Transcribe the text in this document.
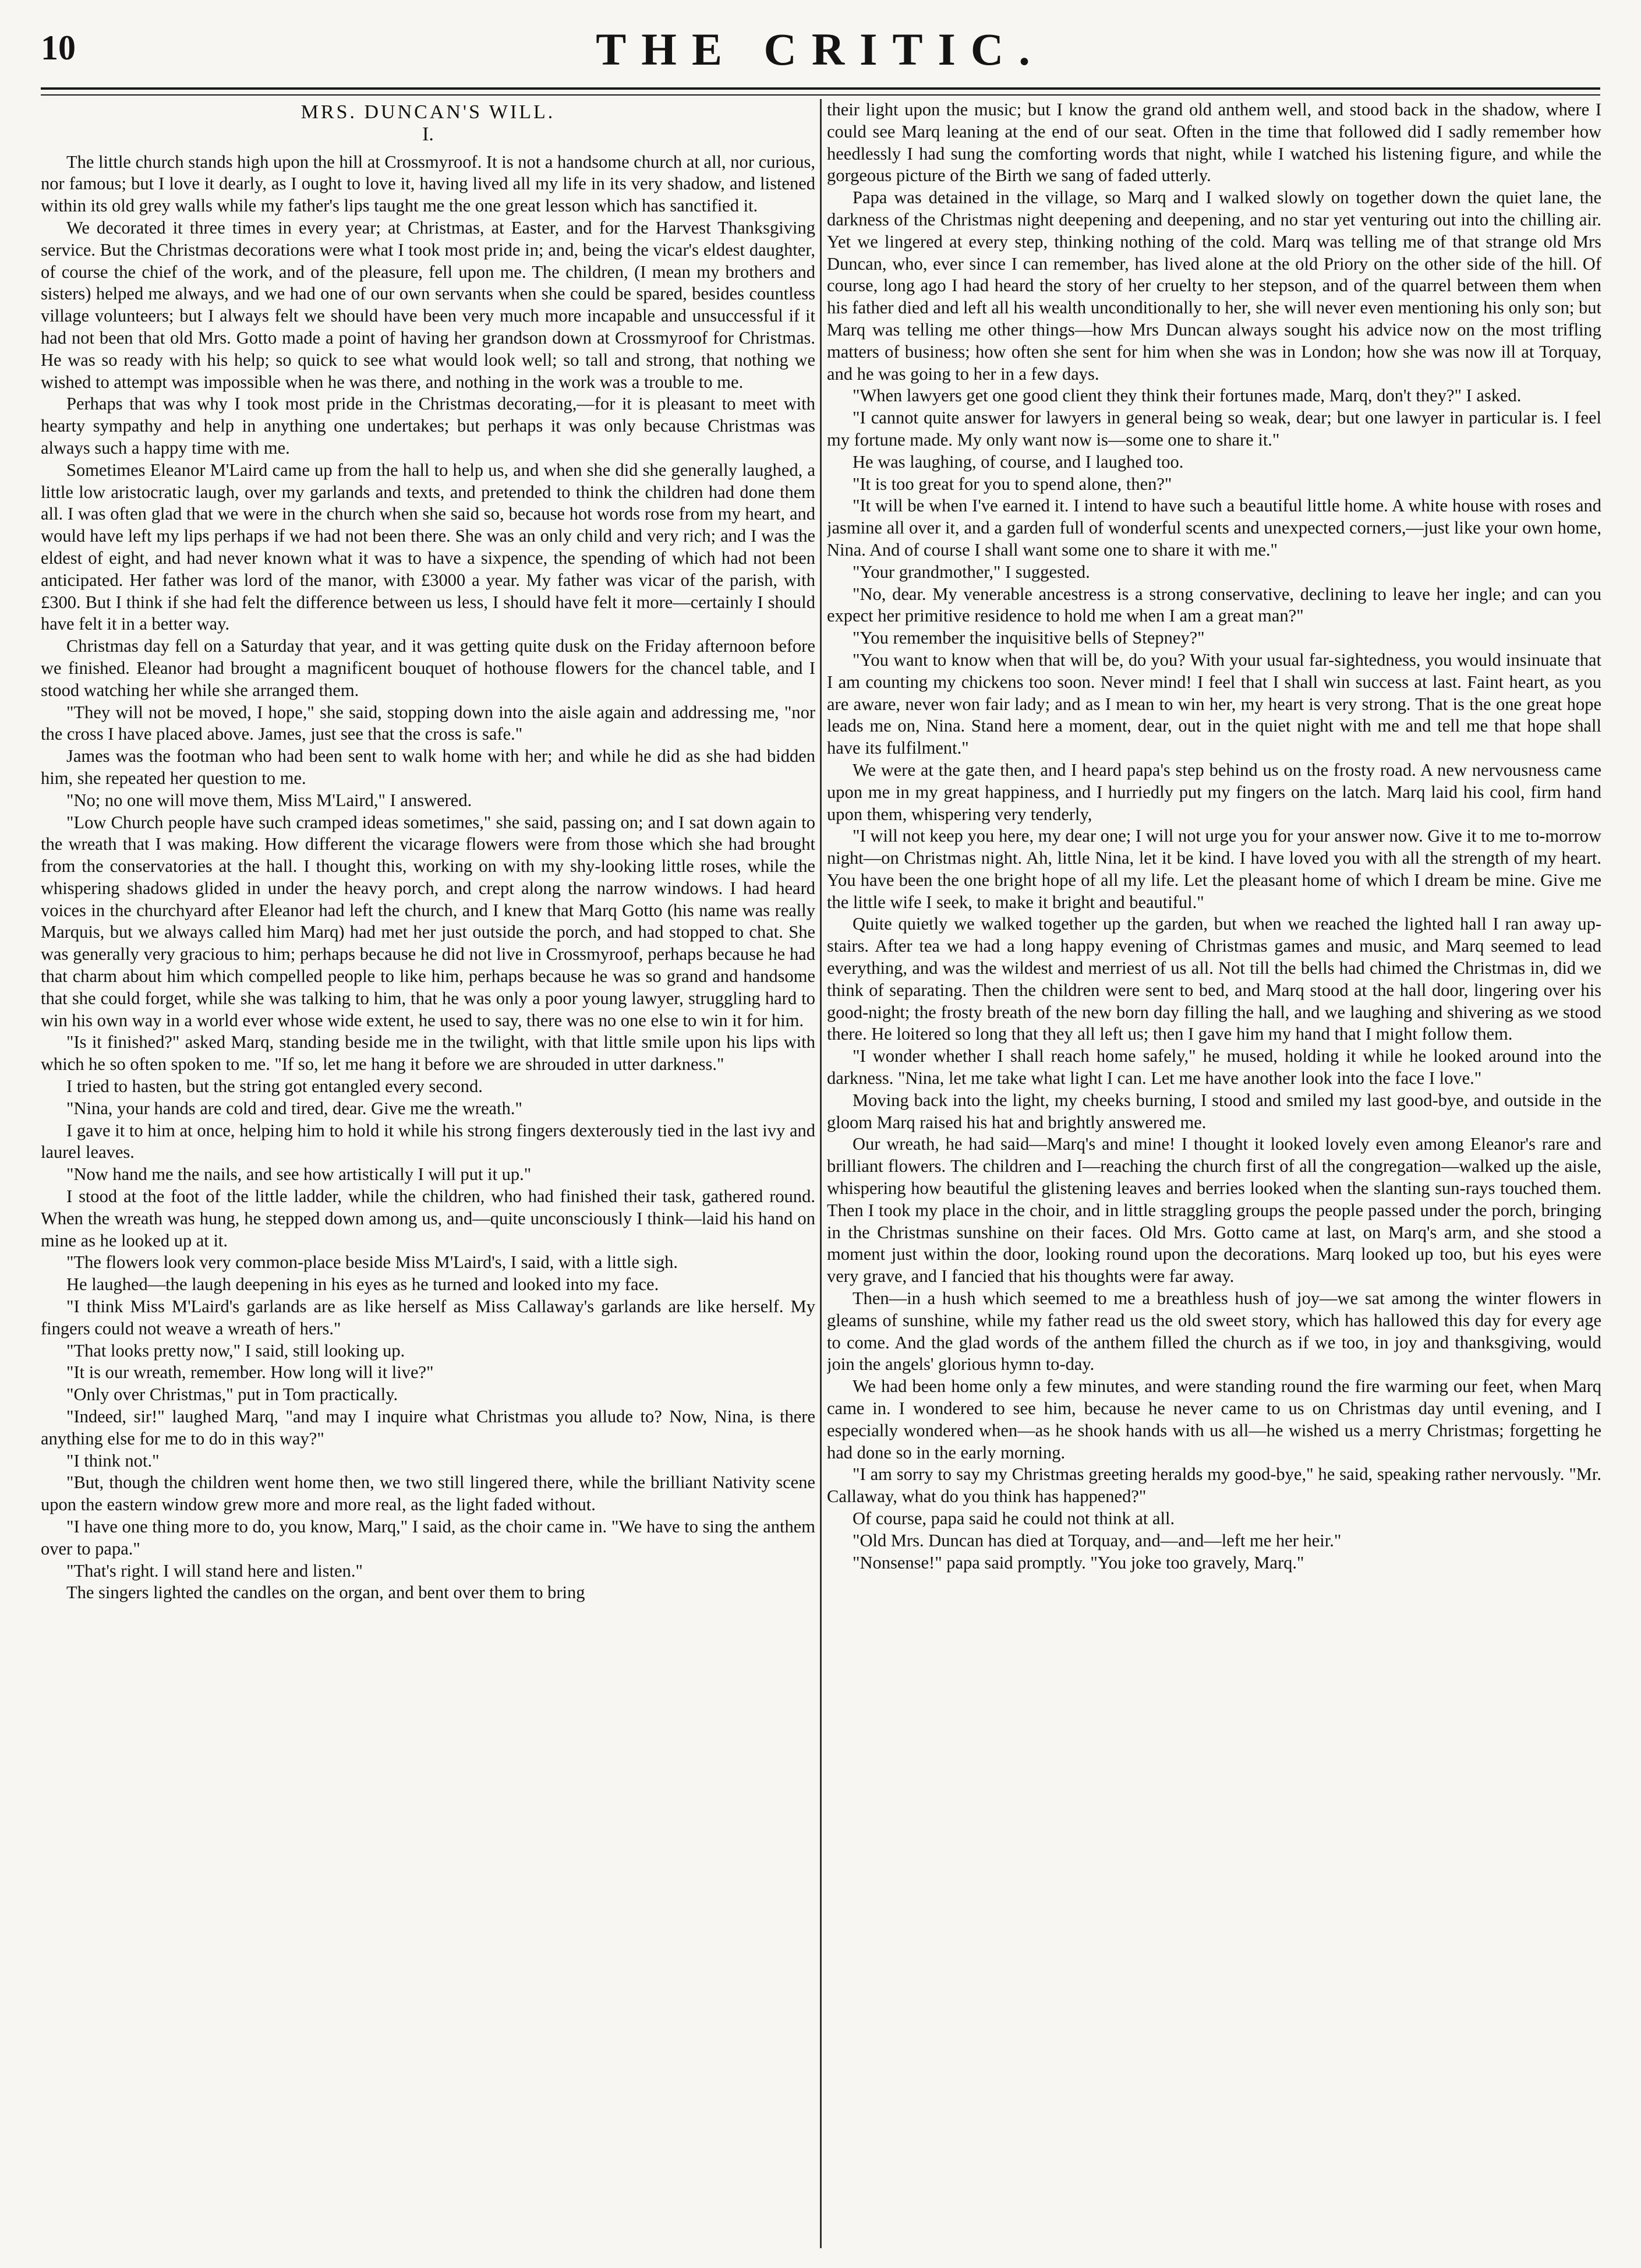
10	THE CRITIC.

MRS. DUNCAN'S WILL.

I.

The little church stands high upon the hill at Crossmyroof. It is not a handsome church at all, nor curious, nor famous; but I love it dearly, as I ought to love it, having lived all my life in its very shadow, and listened within its old grey walls while my father's lips taught me the one great lesson which has sanctified it.

We decorated it three times in every year; at Christmas, at Easter, and for the Harvest Thanksgiving service. But the Christmas decorations were what I took most pride in; and, being the vicar's eldest daughter, of course the chief of the work, and of the pleasure, fell upon me. The children, (I mean my brothers and sisters) helped me always, and we had one of our own servants when she could be spared, besides countless village volunteers; but I always felt we should have been very much more incapable and unsuccessful if it had not been that old Mrs. Gotto made a point of having her grandson down at Crossmyroof for Christmas. He was so ready with his help; so quick to see what would look well; so tall and strong, that nothing we wished to attempt was impossible when he was there, and nothing in the work was a trouble to me.

Perhaps that was why I took most pride in the Christmas decorating,—for it is pleasant to meet with hearty sympathy and help in anything one undertakes; but perhaps it was only because Christmas was always such a happy time with me.

Sometimes Eleanor M'Laird came up from the hall to help us, and when she did she generally laughed, a little low aristocratic laugh, over my garlands and texts, and pretended to think the children had done them all. I was often glad that we were in the church when she said so, because hot words rose from my heart, and would have left my lips perhaps if we had not been there. She was an only child and very rich; and I was the eldest of eight, and had never known what it was to have a sixpence, the spending of which had not been anticipated. Her father was lord of the manor, with £3000 a year. My father was vicar of the parish, with £300. But I think if she had felt the difference between us less, I should have felt it more—certainly I should have felt it in a better way.

Christmas day fell on a Saturday that year, and it was getting quite dusk on the Friday afternoon before we finished. Eleanor had brought a magnificent bouquet of hothouse flowers for the chancel table, and I stood watching her while she arranged them.

"They will not be moved, I hope," she said, stopping down into the aisle again and addressing me, "nor the cross I have placed above. James, just see that the cross is safe."

James was the footman who had been sent to walk home with her; and while he did as she had bidden him, she repeated her question to me.

"No; no one will move them, Miss M'Laird," I answered.

"Low Church people have such cramped ideas sometimes," she said, passing on; and I sat down again to the wreath that I was making. How different the vicarage flowers were from those which she had brought from the conservatories at the hall. I thought this, working on with my shy-looking little roses, while the whispering shadows glided in under the heavy porch, and crept along the narrow windows. I had heard voices in the churchyard after Eleanor had left the church, and I knew that Marq Gotto (his name was really Marquis, but we always called him Marq) had met her just outside the porch, and had stopped to chat. She was generally very gracious to him; perhaps because he did not live in Crossmyroof, perhaps because he had that charm about him which compelled people to like him, perhaps because he was so grand and handsome that she could forget, while she was talking to him, that he was only a poor young lawyer, struggling hard to win his own way in a world ever whose wide extent, he used to say, there was no one else to win it for him.

"Is it finished?" asked Marq, standing beside me in the twilight, with that little smile upon his lips with which he so often spoken to me. "If so, let me hang it before we are shrouded in utter darkness."

I tried to hasten, but the string got entangled every second.

"Nina, your hands are cold and tired, dear. Give me the wreath."

I gave it to him at once, helping him to hold it while his strong fingers dexterously tied in the last ivy and laurel leaves.

"Now hand me the nails, and see how artistically I will put it up."

I stood at the foot of the little ladder, while the children, who had finished their task, gathered round. When the wreath was hung, he stepped down among us, and—quite unconsciously I think—laid his hand on mine as he looked up at it.

"The flowers look very common-place beside Miss M'Laird's, I said, with a little sigh.

He laughed—the laugh deepening in his eyes as he turned and looked into my face.

"I think Miss M'Laird's garlands are as like herself as Miss Callaway's garlands are like herself. My fingers could not weave a wreath of hers."

"That looks pretty now," I said, still looking up.

"It is our wreath, remember. How long will it live?"

"Only over Christmas," put in Tom practically.

"Indeed, sir!" laughed Marq, "and may I inquire what Christmas you allude to? Now, Nina, is there anything else for me to do in this way?"

"I think not."

"But, though the children went home then, we two still lingered there, while the brilliant Nativity scene upon the eastern window grew more and more real, as the light faded without.

"I have one thing more to do, you know, Marq," I said, as the choir came in. "We have to sing the anthem over to papa."

"That's right. I will stand here and listen."

The singers lighted the candles on the organ, and bent over them to bring

their light upon the music; but I know the grand old anthem well, and stood back in the shadow, where I could see Marq leaning at the end of our seat. Often in the time that followed did I sadly remember how heedlessly I had sung the comforting words that night, while I watched his listening figure, and while the gorgeous picture of the Birth we sang of faded utterly.

Papa was detained in the village, so Marq and I walked slowly on together down the quiet lane, the darkness of the Christmas night deepening and deepening, and no star yet venturing out into the chilling air. Yet we lingered at every step, thinking nothing of the cold. Marq was telling me of that strange old Mrs Duncan, who, ever since I can remember, has lived alone at the old Priory on the other side of the hill. Of course, long ago I had heard the story of her cruelty to her stepson, and of the quarrel between them when his father died and left all his wealth unconditionally to her, she will never even mentioning his only son; but Marq was telling me other things—how Mrs Duncan always sought his advice now on the most trifling matters of business; how often she sent for him when she was in London; how she was now ill at Torquay, and he was going to her in a few days.

"When lawyers get one good client they think their fortunes made, Marq, don't they?" I asked.

"I cannot quite answer for lawyers in general being so weak, dear; but one lawyer in particular is. I feel my fortune made. My only want now is—some one to share it."

He was laughing, of course, and I laughed too.

"It is too great for you to spend alone, then?"

"It will be when I've earned it. I intend to have such a beautiful little home. A white house with roses and jasmine all over it, and a garden full of wonderful scents and unexpected corners,—just like your own home, Nina. And of course I shall want some one to share it with me."

"Your grandmother," I suggested.

"No, dear. My venerable ancestress is a strong conservative, declining to leave her ingle; and can you expect her primitive residence to hold me when I am a great man?"

"You remember the inquisitive bells of Stepney?"

"You want to know when that will be, do you? With your usual far-sightedness, you would insinuate that I am counting my chickens too soon. Never mind! I feel that I shall win success at last. Faint heart, as you are aware, never won fair lady; and as I mean to win her, my heart is very strong. That is the one great hope leads me on, Nina. Stand here a moment, dear, out in the quiet night with me and tell me that hope shall have its fulfilment."

We were at the gate then, and I heard papa's step behind us on the frosty road. A new nervousness came upon me in my great happiness, and I hurriedly put my fingers on the latch. Marq laid his cool, firm hand upon them, whispering very tenderly,

"I will not keep you here, my dear one; I will not urge you for your answer now. Give it to me to-morrow night—on Christmas night. Ah, little Nina, let it be kind. I have loved you with all the strength of my heart. You have been the one bright hope of all my life. Let the pleasant home of which I dream be mine. Give me the little wife I seek, to make it bright and beautiful."

Quite quietly we walked together up the garden, but when we reached the lighted hall I ran away up-stairs. After tea we had a long happy evening of Christmas games and music, and Marq seemed to lead everything, and was the wildest and merriest of us all. Not till the bells had chimed the Christmas in, did we think of separating. Then the children were sent to bed, and Marq stood at the hall door, lingering over his good-night; the frosty breath of the new born day filling the hall, and we laughing and shivering as we stood there. He loitered so long that they all left us; then I gave him my hand that I might follow them.

"I wonder whether I shall reach home safely," he mused, holding it while he looked around into the darkness. "Nina, let me take what light I can. Let me have another look into the face I love."

Moving back into the light, my cheeks burning, I stood and smiled my last good-bye, and outside in the gloom Marq raised his hat and brightly answered me.

Our wreath, he had said—Marq's and mine! I thought it looked lovely even among Eleanor's rare and brilliant flowers. The children and I—reaching the church first of all the congregation—walked up the aisle, whispering how beautiful the glistening leaves and berries looked when the slanting sun-rays touched them. Then I took my place in the choir, and in little straggling groups the people passed under the porch, bringing in the Christmas sunshine on their faces. Old Mrs. Gotto came at last, on Marq's arm, and she stood a moment just within the door, looking round upon the decorations. Marq looked up too, but his eyes were very grave, and I fancied that his thoughts were far away.

Then—in a hush which seemed to me a breathless hush of joy—we sat among the winter flowers in gleams of sunshine, while my father read us the old sweet story, which has hallowed this day for every age to come. And the glad words of the anthem filled the church as if we too, in joy and thanksgiving, would join the angels' glorious hymn to-day.

We had been home only a few minutes, and were standing round the fire warming our feet, when Marq came in. I wondered to see him, because he never came to us on Christmas day until evening, and I especially wondered when—as he shook hands with us all—he wished us a merry Christmas; forgetting he had done so in the early morning.

"I am sorry to say my Christmas greeting heralds my good-bye," he said, speaking rather nervously. "Mr. Callaway, what do you think has happened?"

Of course, papa said he could not think at all.

"Old Mrs. Duncan has died at Torquay, and—and—left me her heir."

"Nonsense!" papa said promptly. "You joke too gravely, Marq."
